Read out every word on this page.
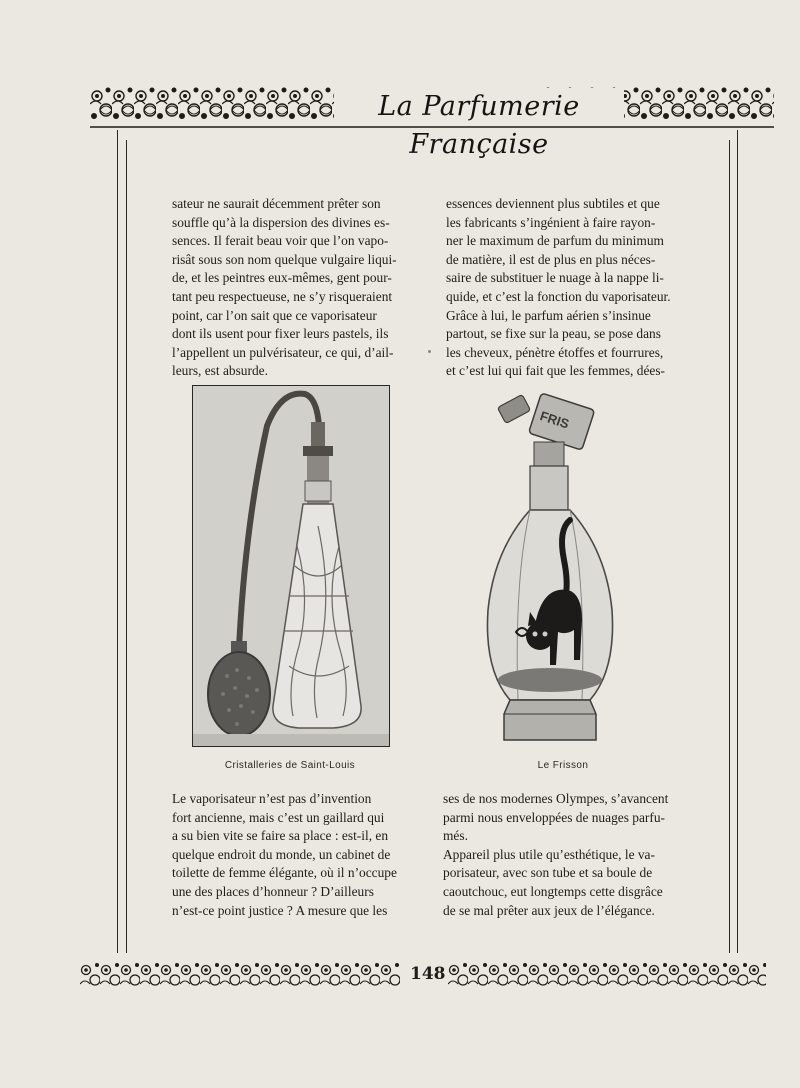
La Parfumerie Française
sateur ne saurait décemment prêter son
souffle qu’à la dispersion des divines es-
sences. Il ferait beau voir que l’on vapo-
risât sous son nom quelque vulgaire liqui-
de, et les peintres eux-mêmes, gent pour-
tant peu respectueuse, ne s’y risqueraient
point, car l’on sait que ce vaporisateur
dont ils usent pour fixer leurs pastels, ils
l’appellent un pulvérisateur, ce qui, d’ail-
leurs, est absurde.
essences deviennent plus subtiles et que
les fabricants s’ingénient à faire rayon-
ner le maximum de parfum du minimum
de matière, il est de plus en plus néces-
saire de substituer le nuage à la nappe li-
quide, et c’est la fonction du vaporisateur.
Grâce à lui, le parfum aérien s’insinue
partout, se fixe sur la peau, se pose dans
les cheveux, pénètre étoffes et fourrures,
et c’est lui qui fait que les femmes, dées-
Cristalleries de Saint-Louis
FRIS
Le Frisson
Le vaporisateur n’est pas d’invention
fort ancienne, mais c’est un gaillard qui
a su bien vite se faire sa place : est-il, en
quelque endroit du monde, un cabinet de
toilette de femme élégante, où il n’occupe
une des places d’honneur ? D’ailleurs
n’est-ce point justice ? A mesure que les
ses de nos modernes Olympes, s’avancent
parmi nous enveloppées de nuages parfu-
més.
Appareil plus utile qu’esthétique, le va-
porisateur, avec son tube et sa boule de
caoutchouc, eut longtemps cette disgrâce
de se mal prêter aux jeux de l’élégance.
148
